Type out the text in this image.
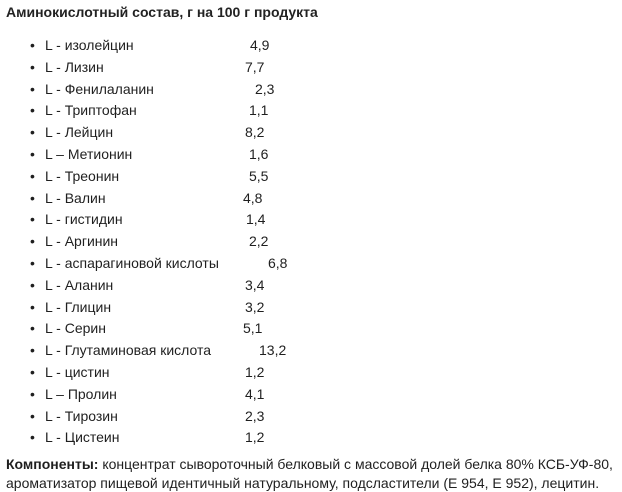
Аминокислотный состав, г на 100 г продукта
• L - изолейцин	4,9
• L - Лизин	7,7
• L - Фенилаланин	2,3
• L - Триптофан	1,1
• L - Лейцин	8,2
• L – Метионин	1,6
• L - Треонин	5,5
• L - Валин	4,8
• L - гистидин	1,4
• L - Аргинин	2,2
• L - аспарагиновой кислоты	6,8
• L - Аланин	3,4
• L - Глицин	3,2
• L - Серин	5,1
• L - Глутаминовая кислота	13,2
• L - цистин	1,2
• L – Пролин	4,1
• L - Тирозин	2,3
• L - Цистеин	1,2
Компоненты: концентрат сывороточный белковый с массовой долей белка 80% КСБ-УФ-80, ароматизатор пищевой идентичный натуральному, подсластители (Е 954, Е 952), лецитин.
